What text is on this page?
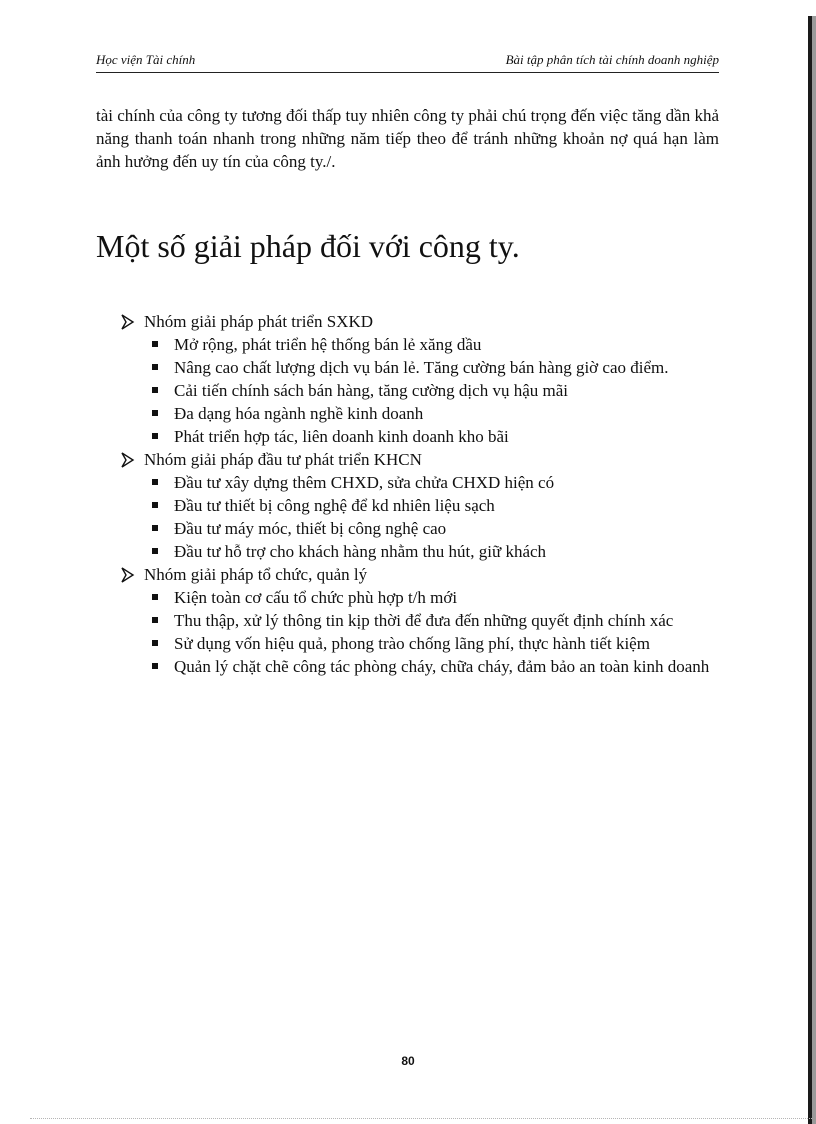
Học viện Tài chính	Bài tập phân tích tài chính doanh nghiệp

tài chính của công ty tương đối thấp tuy nhiên công ty phải chú trọng đến việc tăng dần khả năng thanh toán nhanh trong những năm tiếp theo để tránh những khoản nợ quá hạn làm ảnh hưởng đến uy tín của công ty./.

Một số giải pháp đối với công ty.
Nhóm giải pháp phát triển SXKD
Mở rộng, phát triển hệ thống bán lẻ xăng dầu
Nâng cao chất lượng dịch vụ bán lẻ. Tăng cường bán hàng giờ cao điểm.
Cải tiến chính sách bán hàng, tăng cường dịch vụ hậu mãi
Đa dạng hóa ngành nghề kinh doanh
Phát triển hợp tác, liên doanh kinh doanh kho bãi
Nhóm giải pháp đầu tư phát triển KHCN
Đầu tư xây dựng thêm CHXD, sửa chửa CHXD hiện có
Đầu tư thiết bị công nghệ để kd nhiên liệu sạch
Đầu tư máy móc, thiết bị công nghệ cao
Đầu tư hỗ trợ cho khách hàng nhằm thu hút, giữ khách
Nhóm giải pháp tổ chức, quản lý
Kiện toàn cơ cấu tổ chức phù hợp t/h mới
Thu thập, xử lý thông tin kịp thời để đưa đến những quyết định chính xác
Sử dụng vốn hiệu quả, phong trào chống lãng phí, thực hành tiết kiệm
Quản lý chặt chẽ công tác phòng cháy, chữa cháy, đảm bảo an toàn kinh doanh
80
